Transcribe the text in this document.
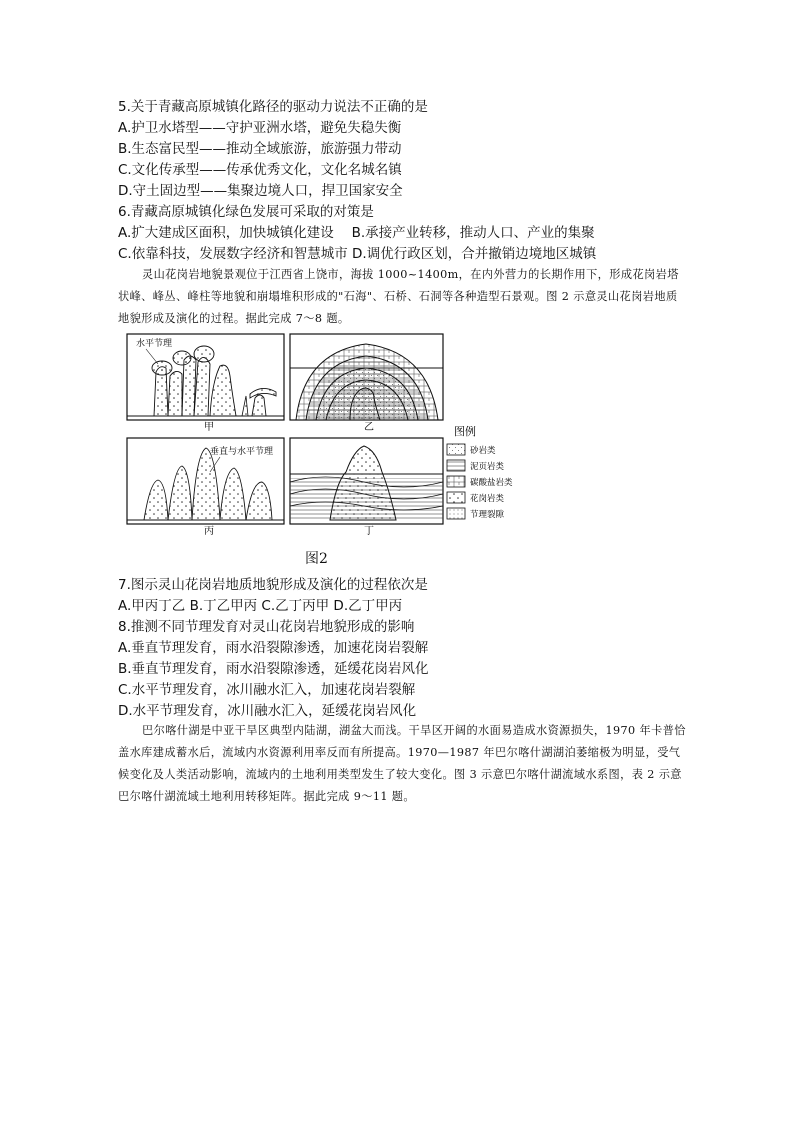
5.关于青藏高原城镇化路径的驱动力说法不正确的是
A.护卫水塔型——守护亚洲水塔，避免失稳失衡
B.生态富民型——推动全域旅游，旅游强力带动
C.文化传承型——传承优秀文化，文化名城名镇
D.守土固边型——集聚边境人口，捍卫国家安全
6.青藏高原城镇化绿色发展可采取的对策是
A.扩大建成区面积，加快城镇化建设　 B.承接产业转移，推动人口、产业的集聚
C.依靠科技，发展数字经济和智慧城市 D.调优行政区划，合并撤销边境地区城镇
灵山花岗岩地貌景观位于江西省上饶市，海拔 1000~1400m，在内外营力的长期作用下，形成花岗岩塔状峰、峰丛、峰柱等地貌和崩塌堆积形成的"石海"、石桥、石洞等各种造型石景观。图 2 示意灵山花岗岩地质地貌形成及演化的过程。据此完成 7～8 题。
水平节理
甲	乙
垂直与水平节理
丙	丁
图例
砂岩类
泥页岩类
碳酸盐岩类
花岗岩类
节理裂隙
图2
7.图示灵山花岗岩地质地貌形成及演化的过程依次是
A.甲丙丁乙 B.丁乙甲丙 C.乙丁丙甲 D.乙丁甲丙
8.推测不同节理发育对灵山花岗岩地貌形成的影响
A.垂直节理发育，雨水沿裂隙渗透，加速花岗岩裂解
B.垂直节理发育，雨水沿裂隙渗透，延缓花岗岩风化
C.水平节理发育，冰川融水汇入，加速花岗岩裂解
D.水平节理发育，冰川融水汇入，延缓花岗岩风化
巴尔喀什湖是中亚干旱区典型内陆湖，湖盆大而浅。干旱区开阔的水面易造成水资源损失，1970 年卡普恰盖水库建成蓄水后，流域内水资源利用率反而有所提高。1970—1987 年巴尔喀什湖湖泊萎缩极为明显，受气候变化及人类活动影响，流域内的土地利用类型发生了较大变化。图 3 示意巴尔喀什湖流域水系图，表 2 示意巴尔喀什湖流域土地利用转移矩阵。据此完成 9～11 题。
